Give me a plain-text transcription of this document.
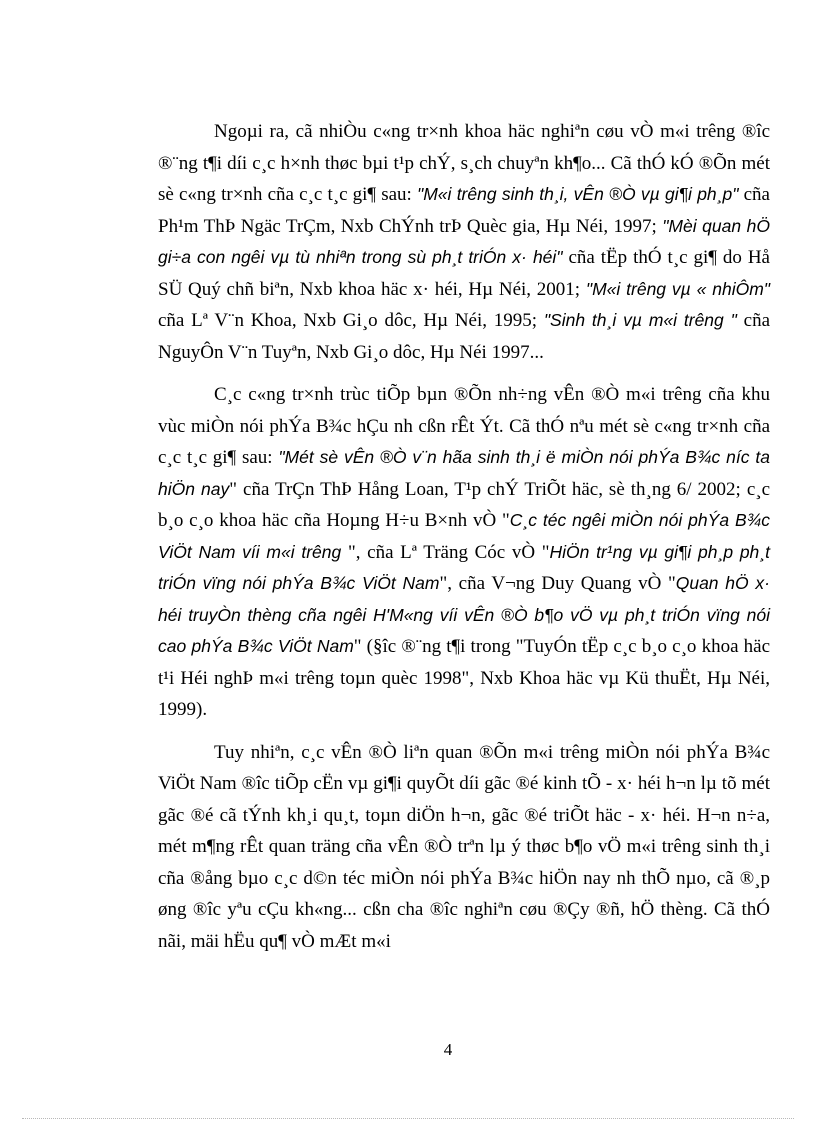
Ngoµi ra, cã nhiÒu c«ng tr×nh khoa häc nghiªn cøu vÒ m«i trêng ®îc ®¨ng t¶i díi c¸c h×nh thøc bµi t¹p chÝ, s¸ch chuyªn kh¶o... Cã thÓ kÓ ®Õn mét sè c«ng tr×nh cña c¸c t¸c gi¶ sau: "M«i trêng sinh th¸i, vÊn ®Ò vµ gi¶i ph¸p" cña Ph¹m ThÞ Ngäc TrÇm, Nxb ChÝnh trÞ Quèc gia, Hµ Néi, 1997; "Mèi quan hÖ gi÷a con ngêi vµ tù nhiªn trong sù ph¸t triÓn x· héi" cña tËp thÓ t¸c gi¶ do Hå SÜ Quý chñ biªn, Nxb khoa häc x· héi, Hµ Néi, 2001; "M«i trêng vµ « nhiÔm" cña Lª V¨n Khoa, Nxb Gi¸o dôc, Hµ Néi, 1995; "Sinh th¸i vµ m«i trêng " cña NguyÔn V¨n Tuyªn, Nxb Gi¸o dôc, Hµ Néi 1997...

C¸c c«ng tr×nh trùc tiÕp bµn ®Õn nh÷ng vÊn ®Ò m«i trêng cña khu vùc miÒn nói phÝa B¾c hÇu nh cßn rÊt Ýt. Cã thÓ nªu mét sè c«ng tr×nh cña c¸c t¸c gi¶ sau: "Mét sè vÊn ®Ò v¨n hãa sinh th¸i ë miÒn nói phÝa B¾c níc ta hiÖn nay" cña TrÇn ThÞ Hång Loan, T¹p chÝ TriÕt häc, sè th¸ng 6/ 2002; c¸c b¸o c¸o khoa häc cña Hoµng H÷u B×nh vÒ "C¸c téc ngêi miÒn nói phÝa B¾c ViÖt Nam víi m«i trêng ", cña Lª Träng Cóc vÒ "HiÖn tr¹ng vµ gi¶i ph¸p ph¸t triÓn vïng nói phÝa B¾c ViÖt Nam", cña V¬ng Duy Quang vÒ "Quan hÖ x· héi truyÒn thèng cña ngêi H'M«ng víi vÊn ®Ò b¶o vÖ vµ ph¸t triÓn vïng nói cao phÝa B¾c ViÖt Nam" (§îc ®¨ng t¶i trong "TuyÓn tËp c¸c b¸o c¸o khoa häc t¹i Héi nghÞ m«i trêng toµn quèc 1998", Nxb Khoa häc vµ Kü thuËt, Hµ Néi, 1999).

Tuy nhiªn, c¸c vÊn ®Ò liªn quan ®Õn m«i trêng miÒn nói phÝa B¾c ViÖt Nam ®îc tiÕp cËn vµ gi¶i quyÕt díi gãc ®é kinh tÕ - x· héi h¬n lµ tõ mét gãc ®é cã tÝnh kh¸i qu¸t, toµn diÖn h¬n, gãc ®é triÕt häc - x· héi. H¬n n÷a, mét m¶ng rÊt quan träng cña vÊn ®Ò trªn lµ ý thøc b¶o vÖ m«i trêng sinh th¸i cña ®ång bµo c¸c d©n téc miÒn nói phÝa B¾c hiÖn nay nh thÕ nµo, cã ®¸p øng ®îc yªu cÇu kh«ng... cßn cha ®îc nghiªn cøu ®Çy ®ñ, hÖ thèng. Cã thÓ nãi, mäi hËu qu¶ vÒ mÆt m«i

4
